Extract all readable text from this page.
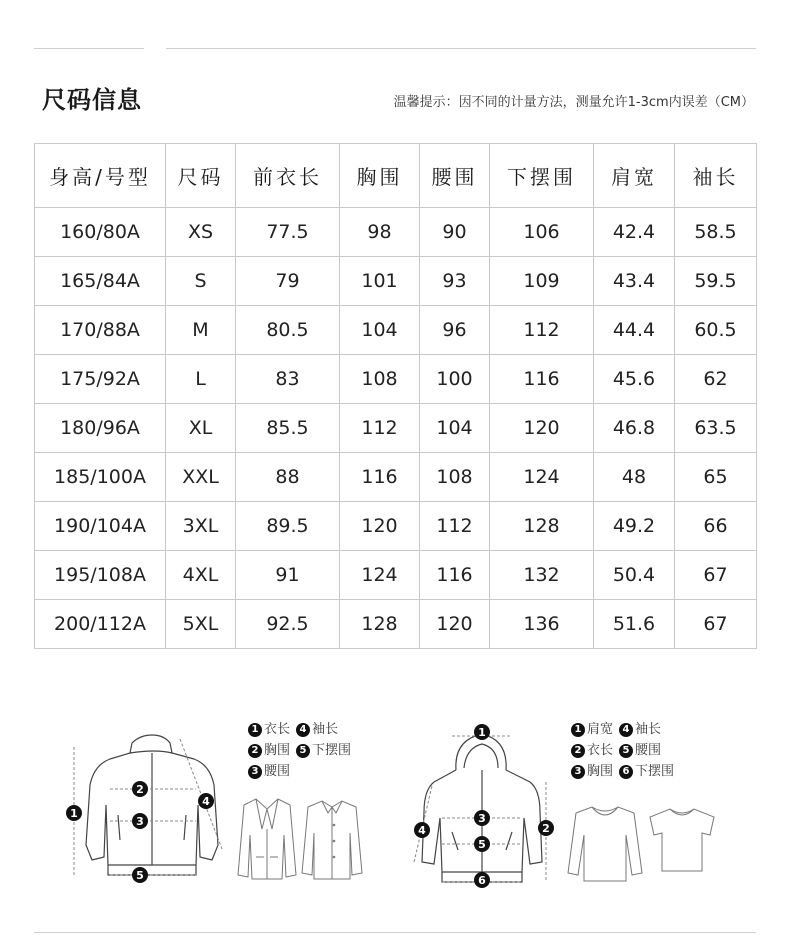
尺码信息	温馨提示：因不同的计量方法，测量允许1-3cm内误差（CM）
身高/号型	尺码	前衣长	胸围	腰围	下摆围	肩宽	袖长
160/80A	XS	77.5	98	90	106	42.4	58.5
165/84A	S	79	101	93	109	43.4	59.5
170/88A	M	80.5	104	96	112	44.4	60.5
175/92A	L	83	108	100	116	45.6	62
180/96A	XL	85.5	112	104	120	46.8	63.5
185/100A	XXL	88	116	108	124	48	65
190/104A	3XL	89.5	120	112	128	49.2	66
195/108A	4XL	91	124	116	132	50.4	67
200/112A	5XL	92.5	128	120	136	51.6	67
1
2
3
4
5
1 衣长 4 袖长

2 胸围 5 下摆围

3 腰围
1
2
3
4
5
6
1 肩宽 4 袖长

2 衣长 5 腰围

3 胸围 6 下摆围
